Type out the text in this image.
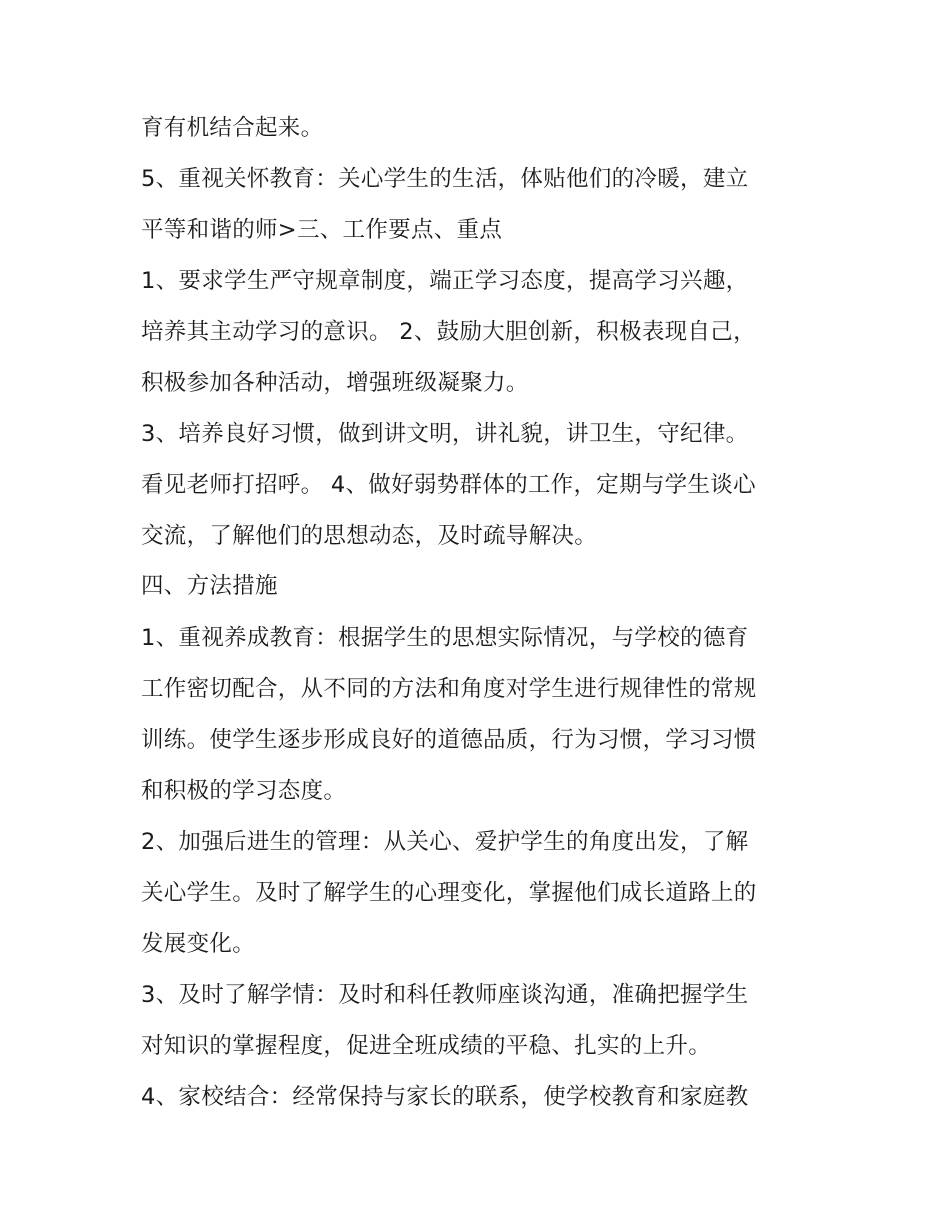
育有机结合起来。
5、重视关怀教育：关心学生的生活，体贴他们的冷暖，建立
平等和谐的师>三、工作要点、重点
1、要求学生严守规章制度，端正学习态度，提高学习兴趣，
培养其主动学习的意识。 2、鼓励大胆创新，积极表现自己，
积极参加各种活动，增强班级凝聚力。
3、培养良好习惯，做到讲文明，讲礼貌，讲卫生，守纪律。
看见老师打招呼。 4、做好弱势群体的工作，定期与学生谈心
交流，了解他们的思想动态，及时疏导解决。
四、方法措施
1、重视养成教育：根据学生的思想实际情况，与学校的德育
工作密切配合，从不同的方法和角度对学生进行规律性的常规
训练。使学生逐步形成良好的道德品质，行为习惯，学习习惯
和积极的学习态度。
2、加强后进生的管理：从关心、爱护学生的角度出发，了解
关心学生。及时了解学生的心理变化，掌握他们成长道路上的
发展变化。
3、及时了解学情：及时和科任教师座谈沟通，准确把握学生
对知识的掌握程度，促进全班成绩的平稳、扎实的上升。
4、家校结合：经常保持与家长的联系，使学校教育和家庭教
